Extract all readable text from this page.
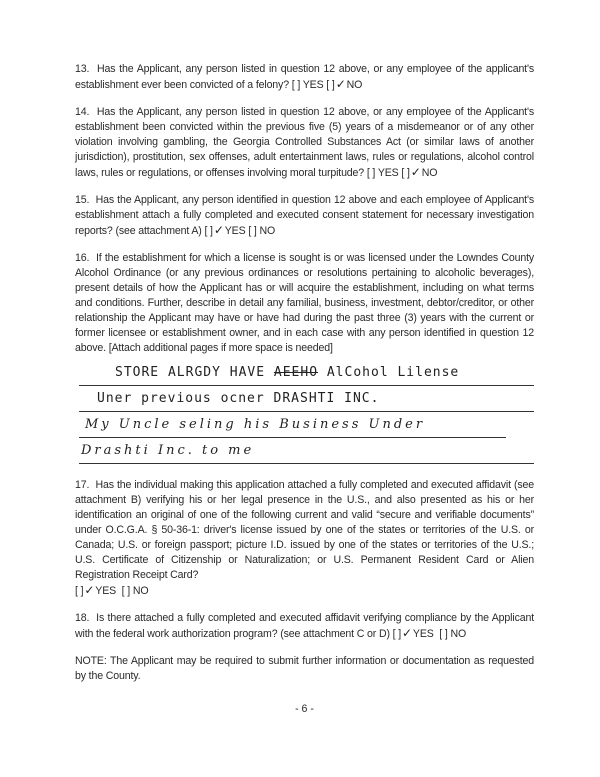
13. Has the Applicant, any person listed in question 12 above, or any employee of the applicant's establishment ever been convicted of a felony? [ ] YES [ ]✓NO
14. Has the Applicant, any person listed in question 12 above, or any employee of the Applicant's establishment been convicted within the previous five (5) years of a misdemeanor or of any other violation involving gambling, the Georgia Controlled Substances Act (or similar laws of another jurisdiction), prostitution, sex offenses, adult entertainment laws, rules or regulations, alcohol control laws, rules or regulations, or offenses involving moral turpitude? [ ] YES [ ]✓NO
15. Has the Applicant, any person identified in question 12 above and each employee of Applicant's establishment attach a fully completed and executed consent statement for necessary investigation reports? (see attachment A) [ ]✓YES [ ] NO
16. If the establishment for which a license is sought is or was licensed under the Lowndes County Alcohol Ordinance (or any previous ordinances or resolutions pertaining to alcoholic beverages), present details of how the Applicant has or will acquire the establishment, including on what terms and conditions. Further, describe in detail any familial, business, investment, debtor/creditor, or other relationship the Applicant may have or have had during the past three (3) years with the current or former licensee or establishment owner, and in each case with any person identified in question 12 above. [Attach additional pages if more space is needed]
STORE ALRGDY HAVE AEEHO AlCohol Lilense
Uner previous ocner DRASHTI INC.
My Uncle seling his Business Under
Drashti Inc. to me
17. Has the individual making this application attached a fully completed and executed affidavit (see attachment B) verifying his or her legal presence in the U.S., and also presented as his or her identification an original of one of the following current and valid “secure and verifiable documents” under O.C.G.A. § 50-36-1: driver's license issued by one of the states or territories of the U.S. or Canada; U.S. or foreign passport; picture I.D. issued by one of the states or territories of the U.S.; U.S. Certificate of Citizenship or Naturalization; or U.S. Permanent Resident Card or Alien Registration Receipt Card?
[ ]✓YES [ ] NO
18. Is there attached a fully completed and executed affidavit verifying compliance by the Applicant with the federal work authorization program? (see attachment C or D) [ ]✓YES [ ] NO
NOTE: The Applicant may be required to submit further information or documentation as requested by the County.
- 6 -
